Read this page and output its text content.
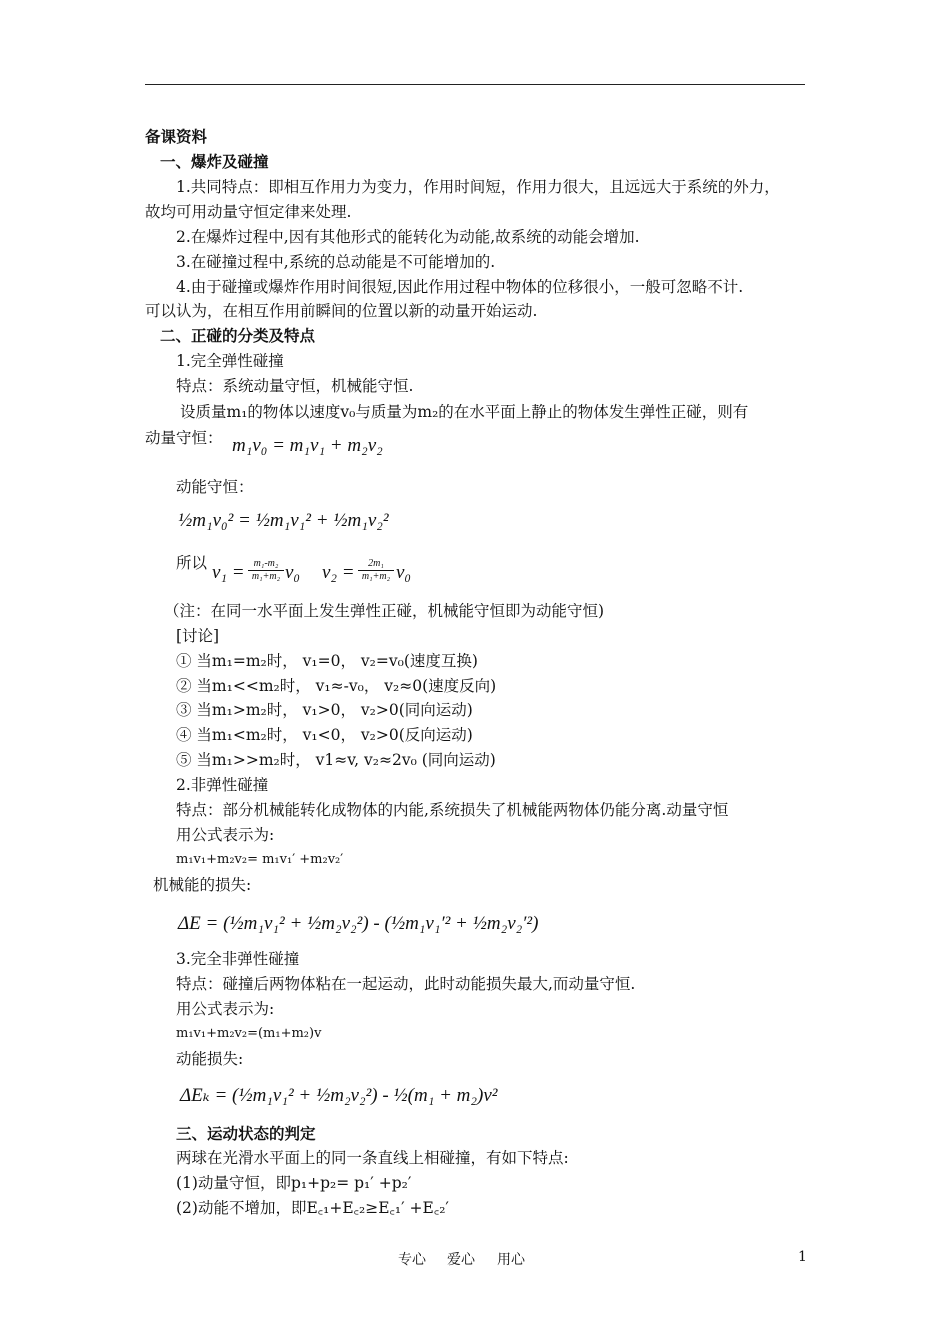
备课资料
一、爆炸及碰撞
1.共同特点：即相互作用力为变力，作用时间短，作用力很大，且远远大于系统的外力，
故均可用动量守恒定律来处理.
2.在爆炸过程中,因有其他形式的能转化为动能,故系统的动能会增加.
3.在碰撞过程中,系统的总动能是不可能增加的.
4.由于碰撞或爆炸作用时间很短,因此作用过程中物体的位移很小，一般可忽略不计.
可以认为，在相互作用前瞬间的位置以新的动量开始运动.
二、正碰的分类及特点
1.完全弹性碰撞
特点：系统动量守恒，机械能守恒.
设质量m₁的物体以速度v₀与质量为m₂的在水平面上静止的物体发生弹性正碰，则有
动量守恒： m₁v₀ = m₁v₁ + m₂v₂
动能守恒：
½m₁v₀² = ½m₁v₁² + ½m₁v₂²
所以 $v_1 = \frac{\text{m₁-m₂}}{\text{m₁+m₂}} v_0$ $v_2 = \frac{\text{2m₁}}{\text{m₁+m₂}} v_0$
（注：在同一水平面上发生弹性正碰，机械能守恒即为动能守恒)
[讨论]
① 当m₁=m₂时， v₁=0， v₂=v₀(速度互换)
② 当m₁<<m₂时， v₁≈-v₀， v₂≈0(速度反向)
③ 当m₁>m₂时， v₁>0， v₂>0(同向运动)
④ 当m₁<m₂时， v₁<0， v₂>0(反向运动)
⑤ 当m₁>>m₂时， v1≈v, v₂≈2v₀ (同向运动)
2.非弹性碰撞
特点：部分机械能转化成物体的内能,系统损失了机械能两物体仍能分离.动量守恒
用公式表示为:
m₁v₁+m₂v₂= m₁v₁′ +m₂v₂′
机械能的损失:
ΔE = (½m₁v₁² + ½m₂v₂²) - (½m₁v₁′² + ½m₂v₂′²)
3.完全非弹性碰撞
特点：碰撞后两物体粘在一起运动，此时动能损失最大,而动量守恒.
用公式表示为:
m₁v₁+m₂v₂=(m₁+m₂)v
动能损失:
ΔEₖ = (½m₁v₁² + ½m₂v₂²) - ½(m₁ + m₂)v²
三、运动状态的判定
两球在光滑水平面上的同一条直线上相碰撞，有如下特点:
(1)动量守恒，即p₁+p₂= p₁′ +p₂′
(2)动能不增加，即E꜀₁+E꜀₂≥E꜀₁′ +E꜀₂′
专心 爱心 用心	1
